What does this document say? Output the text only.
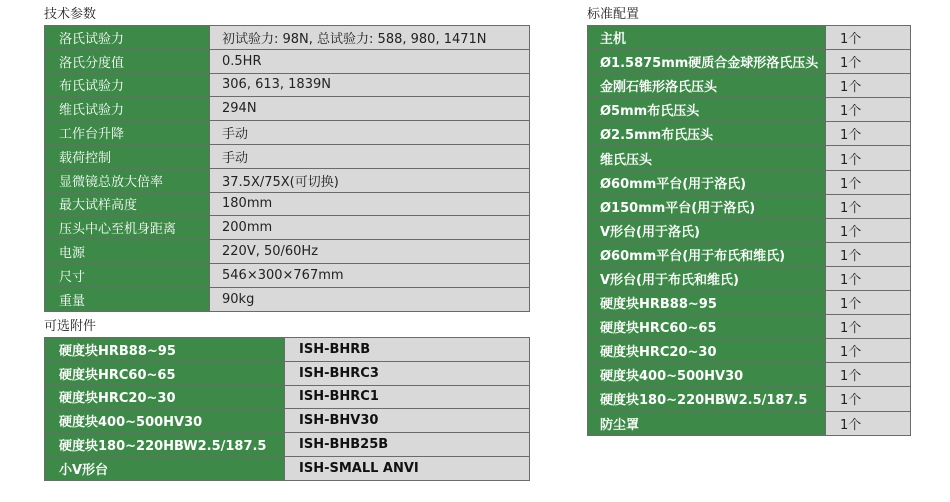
技术参数
洛氏试验力	初试验力: 98N, 总试验力: 588, 980, 1471N
洛氏分度值	0.5HR
布氏试验力	306, 613, 1839N
维氏试验力	294N
工作台升降	手动
载荷控制	手动
显微镜总放大倍率	37.5X/75X(可切换)
最大试样高度	180mm
压头中心至机身距离	200mm
电源	220V, 50/60Hz
尺寸	546×300×767mm
重量	90kg
可选附件
硬度块HRB88~95	ISH-BHRB
硬度块HRC60~65	ISH-BHRC3
硬度块HRC20~30	ISH-BHRC1
硬度块400~500HV30	ISH-BHV30
硬度块180~220HBW2.5/187.5	ISH-BHB25B
小V形台	ISH-SMALL ANVI
标准配置
主机	1个
Ø1.5875mm硬质合金球形洛氏压头	1个
金刚石锥形洛氏压头	1个
Ø5mm布氏压头	1个
Ø2.5mm布氏压头	1个
维氏压头	1个
Ø60mm平台(用于洛氏)	1个
Ø150mm平台(用于洛氏)	1个
V形台(用于洛氏)	1个
Ø60mm平台(用于布氏和维氏)	1个
V形台(用于布氏和维氏)	1个
硬度块HRB88~95	1个
硬度块HRC60~65	1个
硬度块HRC20~30	1个
硬度块400~500HV30	1个
硬度块180~220HBW2.5/187.5	1个
防尘罩	1个
